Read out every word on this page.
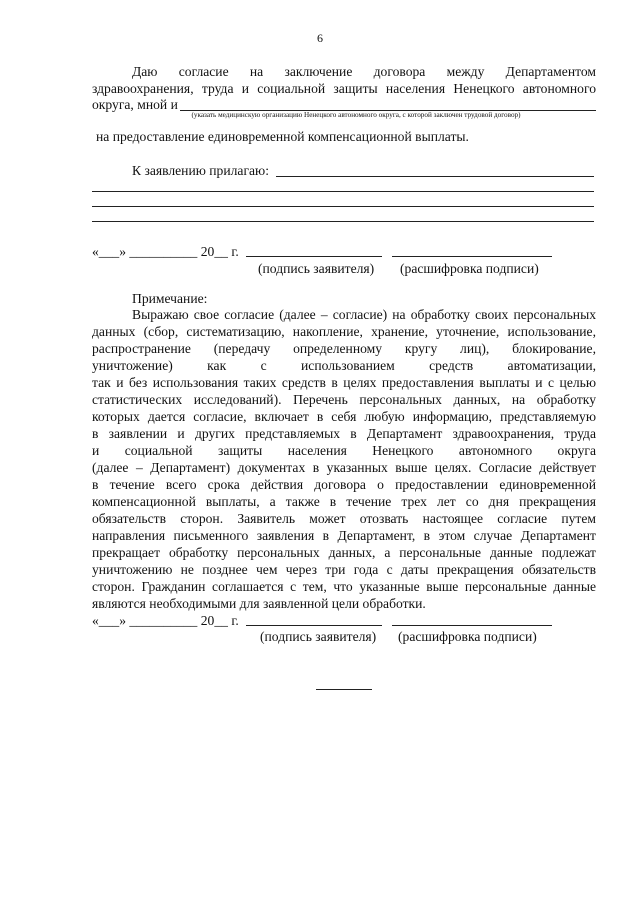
6
Даю согласие на заключение договора между Департаментом
здравоохранения, труда и социальной защиты населения Ненецкого автономного
округа, мной и
(указать медицинскую организацию Ненецкого автономного округа, с которой заключен трудовой договор)
на предоставление единовременной компенсационной выплаты.
К заявлению прилагаю:
«___» __________ 20__ г.
(подпись заявителя) (расшифровка подписи)
Примечание:
Выражаю свое согласие (далее – согласие) на обработку своих персональных
данных (сбор, систематизацию, накопление, хранение, уточнение, использование,
распространение (передачу определенному кругу лиц), блокирование,
уничтожение) как с использованием средств автоматизации,
так и без использования таких средств в целях предоставления выплаты и с целью
статистических исследований). Перечень персональных данных, на обработку
которых дается согласие, включает в себя любую информацию, представляемую
в заявлении и других представляемых в Департамент здравоохранения, труда
и социальной защиты населения Ненецкого автономного округа
(далее – Департамент) документах в указанных выше целях. Согласие действует
в течение всего срока действия договора о предоставлении единовременной
компенсационной выплаты, а также в течение трех лет со дня прекращения
обязательств сторон. Заявитель может отозвать настоящее согласие путем
направления письменного заявления в Департамент, в этом случае Департамент
прекращает обработку персональных данных, а персональные данные подлежат
уничтожению не позднее чем через три года с даты прекращения обязательств
сторон. Гражданин соглашается с тем, что указанные выше персональные данные
являются необходимыми для заявленной цели обработки.
«___» __________ 20__ г.
(подпись заявителя) (расшифровка подписи)
